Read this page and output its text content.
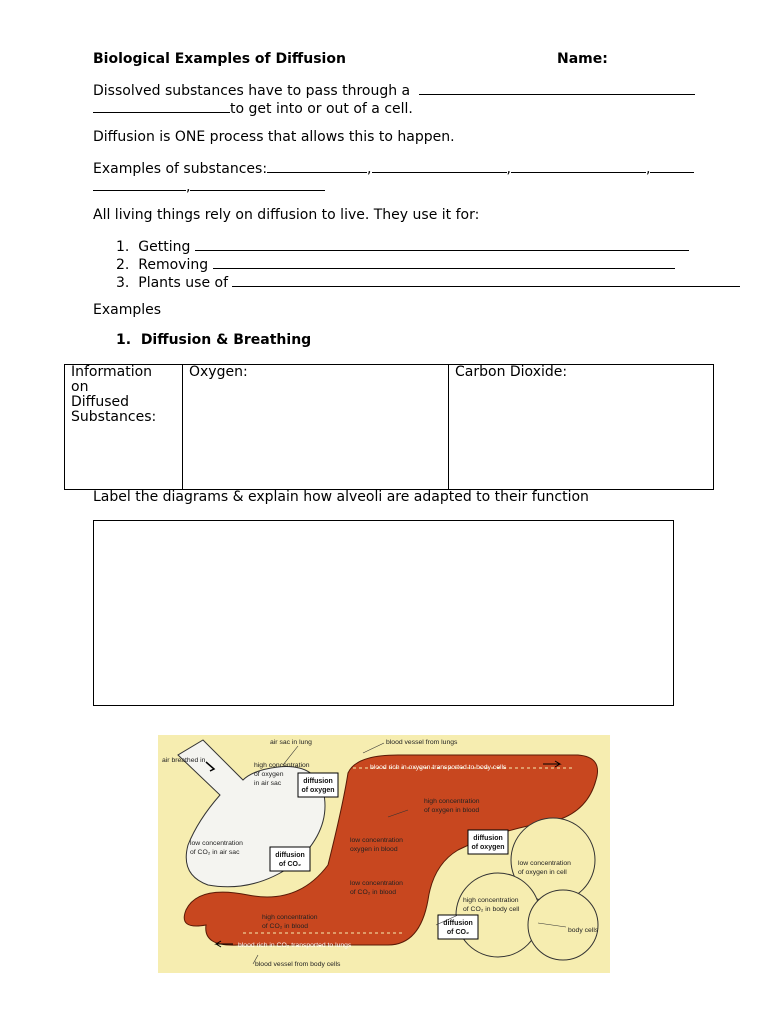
Biological Examples of Diffusion	Name:
Dissolved substances have to pass through a
to get into or out of a cell.
Diffusion is ONE process that allows this to happen.
Examples of substances:	,	,	,
,
All living things rely on diffusion to live. They use it for:
1. Getting
2. Removing
3. Plants use of
Examples
1. Diffusion & Breathing
Information
on
Diffused
Substances:

Oxygen:	Carbon Dioxide:
Label the diagrams & explain how alveoli are adapted to their function
diffusion
of oxygen
diffusion
of oxygen
diffusion
of CO₂
diffusion
of CO₂
air sac in lung
air breathed in
blood vessel from lungs
blood rich in oxygen transported to body cells
high concentration
of oxygen
in air sac
high concentration
of oxygen in blood
low concentration
of CO₂ in air sac
low concentration
oxygen in blood
low concentration
of oxygen in cell
low concentration
of CO₂ in blood
high concentration
of CO₂ in blood
high concentration
of CO₂ in body cell
body cells
blood rich in CO₂ transported to lungs
blood vessel from body cells
